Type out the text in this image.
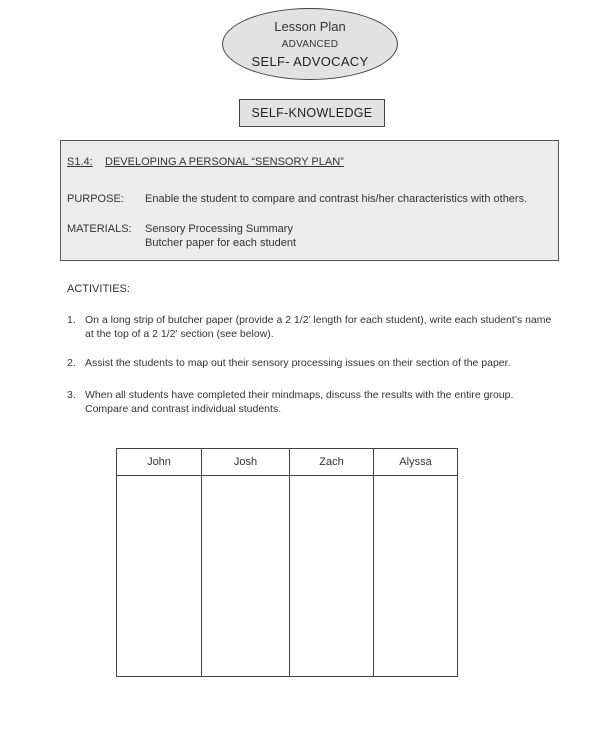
Lesson Plan
ADVANCED
SELF- ADVOCACY
SELF-KNOWLEDGE
S1.4: DEVELOPING A PERSONAL “SENSORY PLAN”
PURPOSE: Enable the student to compare and contrast his/her characteristics with others.
MATERIALS: Sensory Processing Summary
Butcher paper for each student
ACTIVITIES:
1. On a long strip of butcher paper (provide a 2 1/2’ length for each student), write each student’s name at the top of a 2 1/2’ section (see below).
2. Assist the students to map out their sensory processing issues on their section of the paper.
3. When all students have completed their mindmaps, discuss the results with the entire group. Compare and contrast individual students.
John	Josh	Zach	Alyssa
